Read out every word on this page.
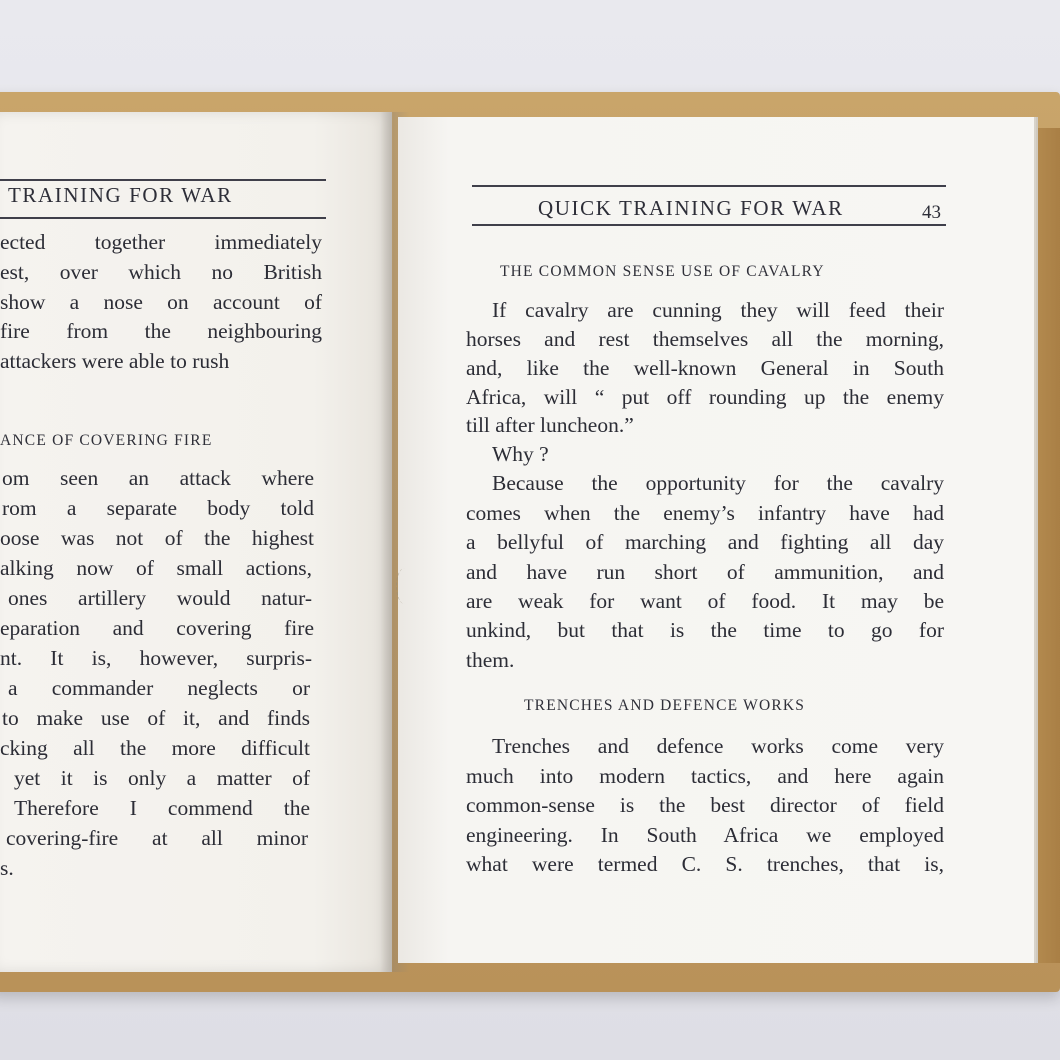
TRAINING FOR WAR
ected together immediately
est, over which no British
show a nose on account of
fire from the neighbouring
attackers were able to rush
ANCE OF COVERING FIRE
om seen an attack where
rom a separate body told
oose was not of the highest
alking now of small actions,
ones artillery would natur-
eparation and covering fire
nt. It is, however, surpris-
a commander neglects or
to make use of it, and finds
cking all the more difficult
yet it is only a matter of
Therefore I commend the
covering-fire at all minor
s.
QUICK TRAINING FOR WAR	43
THE COMMON SENSE USE OF CAVALRY
If cavalry are cunning they will feed their
horses and rest themselves all the morning,
and, like the well-known General in South
Africa, will “ put off rounding up the enemy
till after luncheon.”
Why ?
Because the opportunity for the cavalry
comes when the enemy’s infantry have had
a bellyful of marching and fighting all day
and have run short of ammunition, and
are weak for want of food. It may be
unkind, but that is the time to go for
them.
TRENCHES AND DEFENCE WORKS
Trenches and defence works come very
much into modern tactics, and here again
common-sense is the best director of field
engineering. In South Africa we employed
what were termed C. S. trenches, that is,
